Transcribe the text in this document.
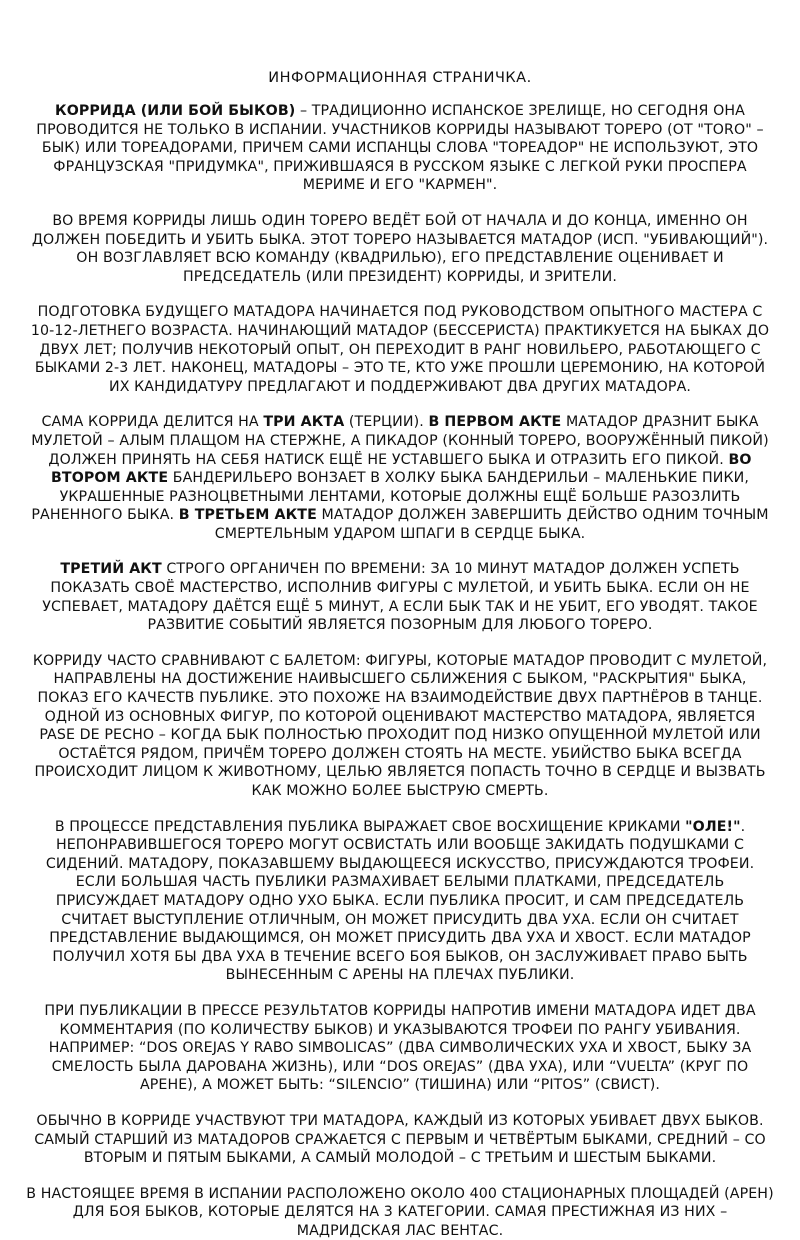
ИНФОРМАЦИОННАЯ СТРАНИЧКА.

КОРРИДА (ИЛИ БОЙ БЫКОВ) – ТРАДИЦИОННО ИСПАНСКОЕ ЗРЕЛИЩЕ, НО СЕГОДНЯ ОНА ПРОВОДИТСЯ НЕ ТОЛЬКО В ИСПАНИИ. УЧАСТНИКОВ КОРРИДЫ НАЗЫВАЮТ ТОРЕРО (ОТ "TORO" – БЫК) ИЛИ ТОРЕАДОРАМИ, ПРИЧЕМ САМИ ИСПАНЦЫ СЛОВА "ТОРЕАДОР" НЕ ИСПОЛЬЗУЮТ, ЭТО ФРАНЦУЗСКАЯ "ПРИДУМКА", ПРИЖИВШАЯСЯ В РУССКОМ ЯЗЫКЕ С ЛЕГКОЙ РУКИ ПРОСПЕРА МЕРИМЕ И ЕГО "КАРМЕН".

ВО ВРЕМЯ КОРРИДЫ ЛИШЬ ОДИН ТОРЕРО ВЕДЁТ БОЙ ОТ НАЧАЛА И ДО КОНЦА, ИМЕННО ОН ДОЛЖЕН ПОБЕДИТЬ И УБИТЬ БЫКА. ЭТОТ ТОРЕРО НАЗЫВАЕТСЯ МАТАДОР (ИСП. "УБИВАЮЩИЙ"). ОН ВОЗГЛАВЛЯЕТ ВСЮ КОМАНДУ (КВАДРИЛЬЮ), ЕГО ПРЕДСТАВЛЕНИЕ ОЦЕНИВАЕТ И ПРЕДСЕДАТЕЛЬ (ИЛИ ПРЕЗИДЕНТ) КОРРИДЫ, И ЗРИТЕЛИ.

ПОДГОТОВКА БУДУЩЕГО МАТАДОРА НАЧИНАЕТСЯ ПОД РУКОВОДСТВОМ ОПЫТНОГО МАСТЕРА С 10-12-ЛЕТНЕГО ВОЗРАСТА. НАЧИНАЮЩИЙ МАТАДОР (БЕССЕРИСТА) ПРАКТИКУЕТСЯ НА БЫКАХ ДО ДВУХ ЛЕТ; ПОЛУЧИВ НЕКОТОРЫЙ ОПЫТ, ОН ПЕРЕХОДИТ В РАНГ НОВИЛЬЕРО, РАБОТАЮЩЕГО С БЫКАМИ 2-3 ЛЕТ. НАКОНЕЦ, МАТАДОРЫ – ЭТО ТЕ, КТО УЖЕ ПРОШЛИ ЦЕРЕМОНИЮ, НА КОТОРОЙ ИХ КАНДИДАТУРУ ПРЕДЛАГАЮТ И ПОДДЕРЖИВАЮТ ДВА ДРУГИХ МАТАДОРА.

САМА КОРРИДА ДЕЛИТСЯ НА ТРИ АКТА (ТЕРЦИИ). В ПЕРВОМ АКТЕ МАТАДОР ДРАЗНИТ БЫКА МУЛЕТОЙ – АЛЫМ ПЛАЩОМ НА СТЕРЖНЕ, А ПИКАДОР (КОННЫЙ ТОРЕРО, ВООРУЖЁННЫЙ ПИКОЙ) ДОЛЖЕН ПРИНЯТЬ НА СЕБЯ НАТИСК ЕЩЁ НЕ УСТАВШЕГО БЫКА И ОТРАЗИТЬ ЕГО ПИКОЙ. ВО ВТОРОМ АКТЕ БАНДЕРИЛЬЕРО ВОНЗАЕТ В ХОЛКУ БЫКА БАНДЕРИЛЬИ – МАЛЕНЬКИЕ ПИКИ, УКРАШЕННЫЕ РАЗНОЦВЕТНЫМИ ЛЕНТАМИ, КОТОРЫЕ ДОЛЖНЫ ЕЩЁ БОЛЬШЕ РАЗОЗЛИТЬ РАНЕННОГО БЫКА. В ТРЕТЬЕМ АКТЕ МАТАДОР ДОЛЖЕН ЗАВЕРШИТЬ ДЕЙСТВО ОДНИМ ТОЧНЫМ СМЕРТЕЛЬНЫМ УДАРОМ ШПАГИ В СЕРДЦЕ БЫКА.

ТРЕТИЙ АКТ СТРОГО ОРГАНИЧЕН ПО ВРЕМЕНИ: ЗА 10 МИНУТ МАТАДОР ДОЛЖЕН УСПЕТЬ ПОКАЗАТЬ СВОЁ МАСТЕРСТВО, ИСПОЛНИВ ФИГУРЫ С МУЛЕТОЙ, И УБИТЬ БЫКА. ЕСЛИ ОН НЕ УСПЕВАЕТ, МАТАДОРУ ДАЁТСЯ ЕЩЁ 5 МИНУТ, А ЕСЛИ БЫК ТАК И НЕ УБИТ, ЕГО УВОДЯТ. ТАКОЕ РАЗВИТИЕ СОБЫТИЙ ЯВЛЯЕТСЯ ПОЗОРНЫМ ДЛЯ ЛЮБОГО ТОРЕРО.

КОРРИДУ ЧАСТО СРАВНИВАЮТ С БАЛЕТОМ: ФИГУРЫ, КОТОРЫЕ МАТАДОР ПРОВОДИТ С МУЛЕТОЙ, НАПРАВЛЕНЫ НА ДОСТИЖЕНИЕ НАИВЫСШЕГО СБЛИЖЕНИЯ С БЫКОМ, "РАСКРЫТИЯ" БЫКА, ПОКАЗ ЕГО КАЧЕСТВ ПУБЛИКЕ. ЭТО ПОХОЖЕ НА ВЗАИМОДЕЙСТВИЕ ДВУХ ПАРТНЁРОВ В ТАНЦЕ. ОДНОЙ ИЗ ОСНОВНЫХ ФИГУР, ПО КОТОРОЙ ОЦЕНИВАЮТ МАСТЕРСТВО МАТАДОРА, ЯВЛЯЕТСЯ PASE DE PECHO – КОГДА БЫК ПОЛНОСТЬЮ ПРОХОДИТ ПОД НИЗКО ОПУЩЕННОЙ МУЛЕТОЙ ИЛИ ОСТАЁТСЯ РЯДОМ, ПРИЧЁМ ТОРЕРО ДОЛЖЕН СТОЯТЬ НА МЕСТЕ. УБИЙСТВО БЫКА ВСЕГДА ПРОИСХОДИТ ЛИЦОМ К ЖИВОТНОМУ, ЦЕЛЬЮ ЯВЛЯЕТСЯ ПОПАСТЬ ТОЧНО В СЕРДЦЕ И ВЫЗВАТЬ КАК МОЖНО БОЛЕЕ БЫСТРУЮ СМЕРТЬ.

В ПРОЦЕССЕ ПРЕДСТАВЛЕНИЯ ПУБЛИКА ВЫРАЖАЕТ СВОЕ ВОСХИЩЕНИЕ КРИКАМИ "ОЛЕ!". НЕПОНРАВИВШЕГОСЯ ТОРЕРО МОГУТ ОСВИСТАТЬ ИЛИ ВООБЩЕ ЗАКИДАТЬ ПОДУШКАМИ С СИДЕНИЙ. МАТАДОРУ, ПОКАЗАВШЕМУ ВЫДАЮЩЕЕСЯ ИСКУССТВО, ПРИСУЖДАЮТСЯ ТРОФЕИ. ЕСЛИ БОЛЬШАЯ ЧАСТЬ ПУБЛИКИ РАЗМАХИВАЕТ БЕЛЫМИ ПЛАТКАМИ, ПРЕДСЕДАТЕЛЬ ПРИСУЖДАЕТ МАТАДОРУ ОДНО УХО БЫКА. ЕСЛИ ПУБЛИКА ПРОСИТ, И САМ ПРЕДСЕДАТЕЛЬ СЧИТАЕТ ВЫСТУПЛЕНИЕ ОТЛИЧНЫМ, ОН МОЖЕТ ПРИСУДИТЬ ДВА УХА. ЕСЛИ ОН СЧИТАЕТ ПРЕДСТАВЛЕНИЕ ВЫДАЮЩИМСЯ, ОН МОЖЕТ ПРИСУДИТЬ ДВА УХА И ХВОСТ. ЕСЛИ МАТАДОР ПОЛУЧИЛ ХОТЯ БЫ ДВА УХА В ТЕЧЕНИЕ ВСЕГО БОЯ БЫКОВ, ОН ЗАСЛУЖИВАЕТ ПРАВО БЫТЬ ВЫНЕСЕННЫМ С АРЕНЫ НА ПЛЕЧАХ ПУБЛИКИ.

ПРИ ПУБЛИКАЦИИ В ПРЕССЕ РЕЗУЛЬТАТОВ КОРРИДЫ НАПРОТИВ ИМЕНИ МАТАДОРА ИДЕТ ДВА КОММЕНТАРИЯ (ПО КОЛИЧЕСТВУ БЫКОВ) И УКАЗЫВАЮТСЯ ТРОФЕИ ПО РАНГУ УБИВАНИЯ. НАПРИМЕР: “DOS OREJAS Y RABO SIMBOLICAS” (ДВА СИМВОЛИЧЕСКИХ УХА И ХВОСТ, БЫКУ ЗА СМЕЛОСТЬ БЫЛА ДАРОВАНА ЖИЗНЬ), ИЛИ “DOS OREJAS” (ДВА УХА), ИЛИ “VUELTA” (КРУГ ПО АРЕНЕ), А МОЖЕТ БЫТЬ: “SILENCIO” (ТИШИНА) ИЛИ “PITOS” (СВИСТ).

ОБЫЧНО В КОРРИДЕ УЧАСТВУЮТ ТРИ МАТАДОРА, КАЖДЫЙ ИЗ КОТОРЫХ УБИВАЕТ ДВУХ БЫКОВ. САМЫЙ СТАРШИЙ ИЗ МАТАДОРОВ СРАЖАЕТСЯ С ПЕРВЫМ И ЧЕТВЁРТЫМ БЫКАМИ, СРЕДНИЙ – СО ВТОРЫМ И ПЯТЫМ БЫКАМИ, А САМЫЙ МОЛОДОЙ – С ТРЕТЬИМ И ШЕСТЫМ БЫКАМИ.

В НАСТОЯЩЕЕ ВРЕМЯ В ИСПАНИИ РАСПОЛОЖЕНО ОКОЛО 400 СТАЦИОНАРНЫХ ПЛОЩАДЕЙ (АРЕН) ДЛЯ БОЯ БЫКОВ, КОТОРЫЕ ДЕЛЯТСЯ НА 3 КАТЕГОРИИ. САМАЯ ПРЕСТИЖНАЯ ИЗ НИХ – МАДРИДСКАЯ ЛАС ВЕНТАС.
